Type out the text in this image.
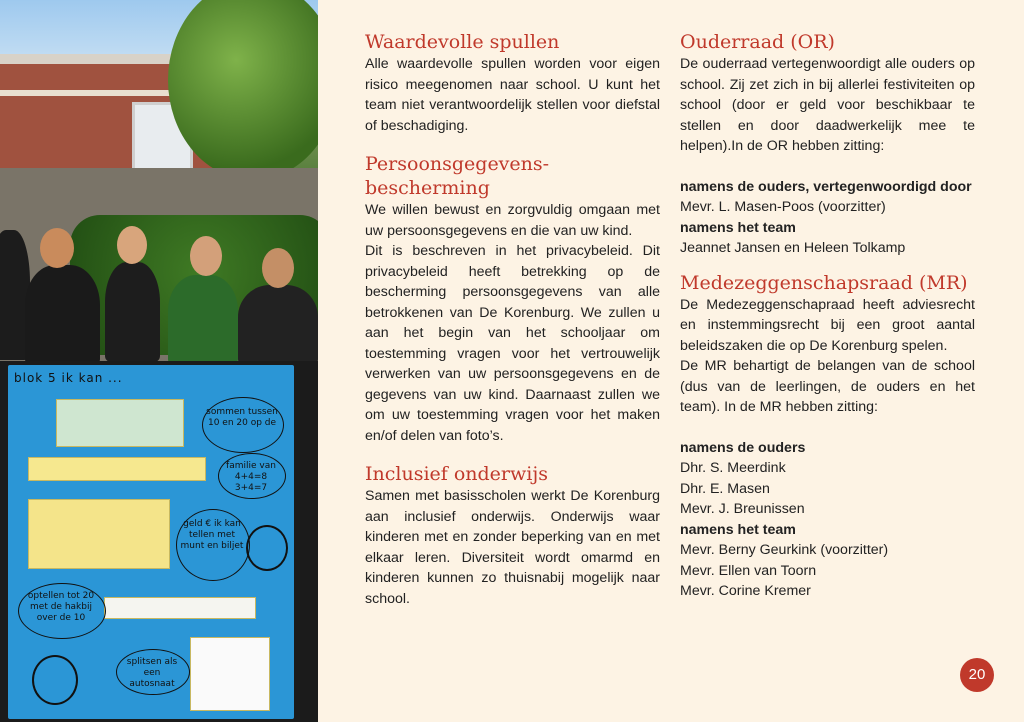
blok 5 ik kan ...
sommen tussen 10 en 20 op de
familie van 4+4=8 3+4=7
geld € ik kan tellen met munt en biljet
optellen tot 20 met de hakbij over de 10
splitsen als een autosnaat
Waardevolle spullen

Alle waardevolle spullen worden voor eigen risico meegenomen naar school. U kunt het team niet verantwoordelijk stellen voor diefstal of beschadiging.

Persoonsgegevens-bescherming

We willen bewust en zorgvuldig omgaan met uw persoonsgegevens en die van uw kind.

Dit is beschreven in het privacybeleid. Dit privacybeleid heeft betrekking op de bescherming persoonsgegevens van alle betrokkenen van De Korenburg. We zullen u aan het begin van het schooljaar om toestemming vragen voor het vertrouwelijk verwerken van uw persoonsgegevens en de gegevens van uw kind. Daarnaast zullen we om uw toestemming vragen voor het maken en/of delen van foto’s.

Inclusief onderwijs

Samen met basisscholen werkt De Korenburg aan inclusief onderwijs. Onderwijs waar kinderen met en zonder beperking van en met elkaar leren. Diversiteit wordt omarmd en kinderen kunnen zo thuisnabij mogelijk naar school.

Ouderraad (OR)

De ouderraad vertegenwoordigt alle ouders op school. Zij zet zich in bij allerlei festiviteiten op school (door er geld voor beschikbaar te stellen en door daadwerkelijk mee te helpen).In de OR hebben zitting:

namens de ouders, vertegenwoordigd door
Mevr. L. Masen-Poos (voorzitter)
namens het team
Jeannet Jansen en Heleen Tolkamp
Medezeggenschapsraad (MR)

De Medezeggenschapraad heeft adviesrecht en instemmingsrecht bij een groot aantal beleidszaken die op De Korenburg spelen.

De MR behartigt de belangen van de school (dus van de leerlingen, de ouders en het team). In de MR hebben zitting:

namens de ouders
Dhr. S. Meerdink
Dhr. E. Masen
Mevr. J. Breunissen
namens het team
Mevr. Berny Geurkink (voorzitter)
Mevr. Ellen van Toorn
Mevr. Corine Kremer
20
